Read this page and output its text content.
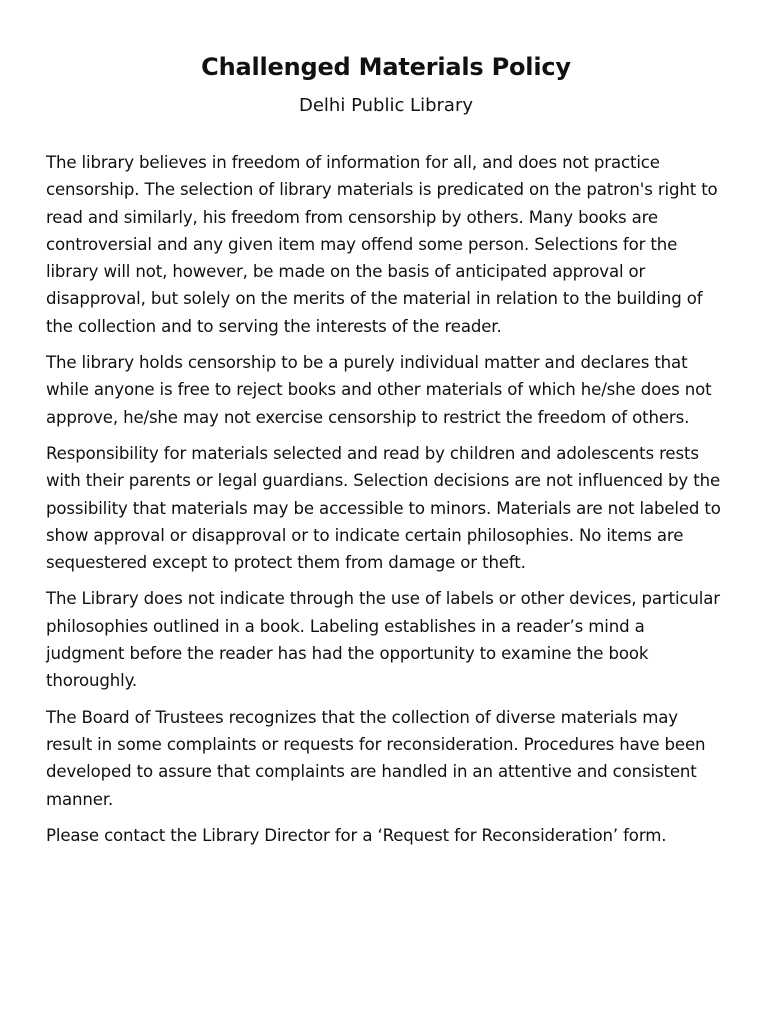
Challenged Materials Policy
Delhi Public Library

The library believes in freedom of information for all, and does not practice censorship. The selection of library materials is predicated on the patron's right to read and similarly, his freedom from censorship by others. Many books are controversial and any given item may offend some person. Selections for the library will not, however, be made on the basis of anticipated approval or disapproval, but solely on the merits of the material in relation to the building of the collection and to serving the interests of the reader.

The library holds censorship to be a purely individual matter and declares that while anyone is free to reject books and other materials of which he/she does not approve, he/she may not exercise censorship to restrict the freedom of others.

Responsibility for materials selected and read by children and adolescents rests with their parents or legal guardians. Selection decisions are not influenced by the possibility that materials may be accessible to minors. Materials are not labeled to show approval or disapproval or to indicate certain philosophies. No items are sequestered except to protect them from damage or theft.

The Library does not indicate through the use of labels or other devices, particular philosophies outlined in a book. Labeling establishes in a reader’s mind a judgment before the reader has had the opportunity to examine the book thoroughly.

The Board of Trustees recognizes that the collection of diverse materials may result in some complaints or requests for reconsideration. Procedures have been developed to assure that complaints are handled in an attentive and consistent manner.

Please contact the Library Director for a ‘Request for Reconsideration’ form.
